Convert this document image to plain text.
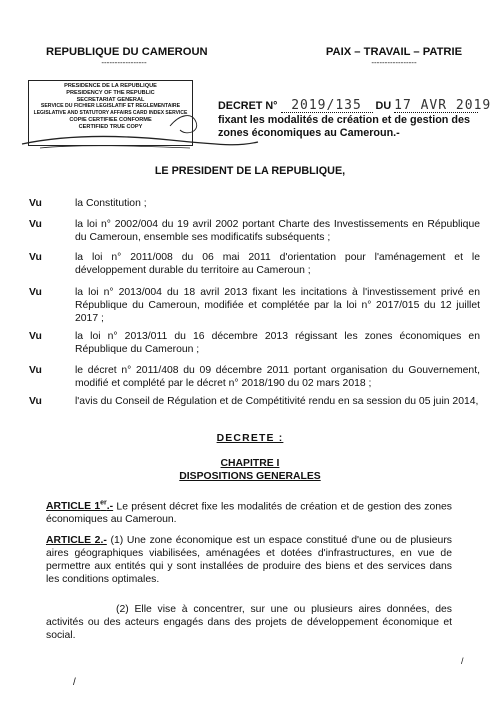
REPUBLIQUE DU CAMEROUN
-----------------
PAIX – TRAVAIL – PATRIE
-----------------
PRESIDENCE DE LA REPUBLIQUE
PRESIDENCY OF THE REPUBLIC
SECRETARIAT GENERAL
SERVICE DU FICHIER LEGISLATIF ET REGLEMENTAIRE
LEGISLATIVE AND STATUTORY AFFAIRS CARD INDEX SERVICE
COPIE CERTIFIEE CONFORME
CERTIFIED TRUE COPY
DECRET N° 2019/135 DU 17 AVR 2019
fixant les modalités de création et de gestion des zones économiques au Cameroun.-
LE PRESIDENT DE LA REPUBLIQUE,
Vu	la Constitution ;
Vu	la loi n° 2002/004 du 19 avril 2002 portant Charte des Investissements en République du Cameroun, ensemble ses modificatifs subséquents ;
Vu	la loi n° 2011/008 du 06 mai 2011 d'orientation pour l'aménagement et le développement durable du territoire au Cameroun ;
Vu	la loi n° 2013/004 du 18 avril 2013 fixant les incitations à l'investissement privé en République du Cameroun, modifiée et complétée par la loi n° 2017/015 du 12 juillet 2017 ;
Vu	la loi n° 2013/011 du 16 décembre 2013 régissant les zones économiques en République du Cameroun ;
Vu	le décret n° 2011/408 du 09 décembre 2011 portant organisation du Gouvernement, modifié et complété par le décret n° 2018/190 du 02 mars 2018 ;
Vu	l'avis du Conseil de Régulation et de Compétitivité rendu en sa session du 05 juin 2014,
DECRETE :
CHAPITRE I
DISPOSITIONS GENERALES
ARTICLE 1er.- Le présent décret fixe les modalités de création et de gestion des zones économiques au Cameroun.
ARTICLE 2.- (1) Une zone économique est un espace constitué d'une ou de plusieurs aires géographiques viabilisées, aménagées et dotées d'infrastructures, en vue de permettre aux entités qui y sont installées de produire des biens et des services dans les conditions optimales.
(2) Elle vise à concentrer, sur une ou plusieurs aires données, des activités ou des acteurs engagés dans des projets de développement économique et social.
/
/
